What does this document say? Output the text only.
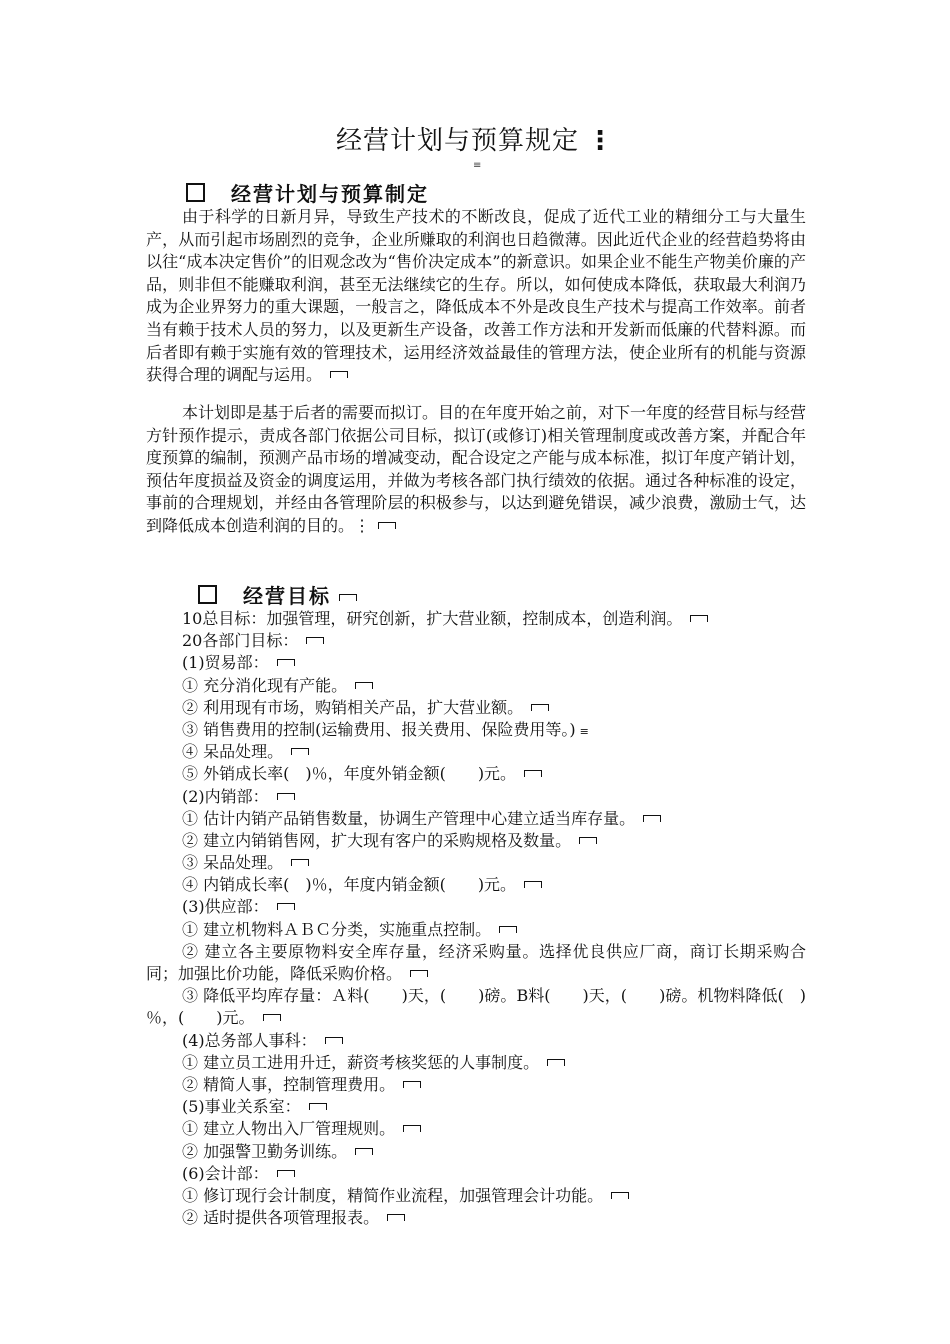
经营计划与预算规定 ⋮
≡
经营计划与预算制定
由于科学的日新月异，导致生产技术的不断改良，促成了近代工业的精细分工与大量生产，从而引起市场剧烈的竞争，企业所赚取的利润也日趋微薄。因此近代企业的经营趋势将由以往“成本决定售价”的旧观念改为“售价决定成本”的新意识。如果企业不能生产物美价廉的产品，则非但不能赚取利润，甚至无法继续它的生存。所以，如何使成本降低，获取最大利润乃成为企业界努力的重大课题，一般言之，降低成本不外是改良生产技术与提高工作效率。前者当有赖于技术人员的努力，以及更新生产设备，改善工作方法和开发新而低廉的代替料源。而后者即有赖于实施有效的管理技术，运用经济效益最佳的管理方法，使企业所有的机能与资源获得合理的调配与运用。
本计划即是基于后者的需要而拟订。目的在年度开始之前，对下一年度的经营目标与经营方针预作提示，责成各部门依据公司目标，拟订(或修订)相关管理制度或改善方案，并配合年度预算的编制，预测产品市场的增减变动，配合设定之产能与成本标准，拟订年度产销计划，预估年度损益及资金的调度运用，并做为考核各部门执行绩效的依据。通过各种标准的设定，事前的合理规划，并经由各管理阶层的积极参与，以达到避免错误，减少浪费，激励士气，达到降低成本创造利润的目的。⋮
经营目标
10总目标：加强管理，研究创新，扩大营业额，控制成本，创造利润。
20各部门目标：
(1)贸易部：
① 充分消化现有产能。
② 利用现有市场，购销相关产品，扩大营业额。
③ 销售费用的控制(运输费用、报关费用、保险费用等。) ≡
④ 呆品处理。
⑤ 外销成长率(　)％，年度外销金额(　　)元。
(2)内销部：
① 估计内销产品销售数量，协调生产管理中心建立适当库存量。
② 建立内销销售网，扩大现有客户的采购规格及数量。
③ 呆品处理。
④ 内销成长率(　)％，年度内销金额(　　)元。
(3)供应部：
① 建立机物料ＡＢＣ分类，实施重点控制。
② 建立各主要原物料安全库存量，经济采购量。选择优良供应厂商，商订长期采购合同；加强比价功能，降低采购价格。
③ 降低平均库存量：Ａ料(　　)天，(　　)磅。B料(　　)天，(　　)磅。机物料降低(　)％，(　　)元。
(4)总务部人事科：
① 建立员工进用升迁，薪资考核奖惩的人事制度。
② 精简人事，控制管理费用。
(5)事业关系室：
① 建立人物出入厂管理规则。
② 加强警卫勤务训练。
(6)会计部：
① 修订现行会计制度，精简作业流程，加强管理会计功能。
② 适时提供各项管理报表。
